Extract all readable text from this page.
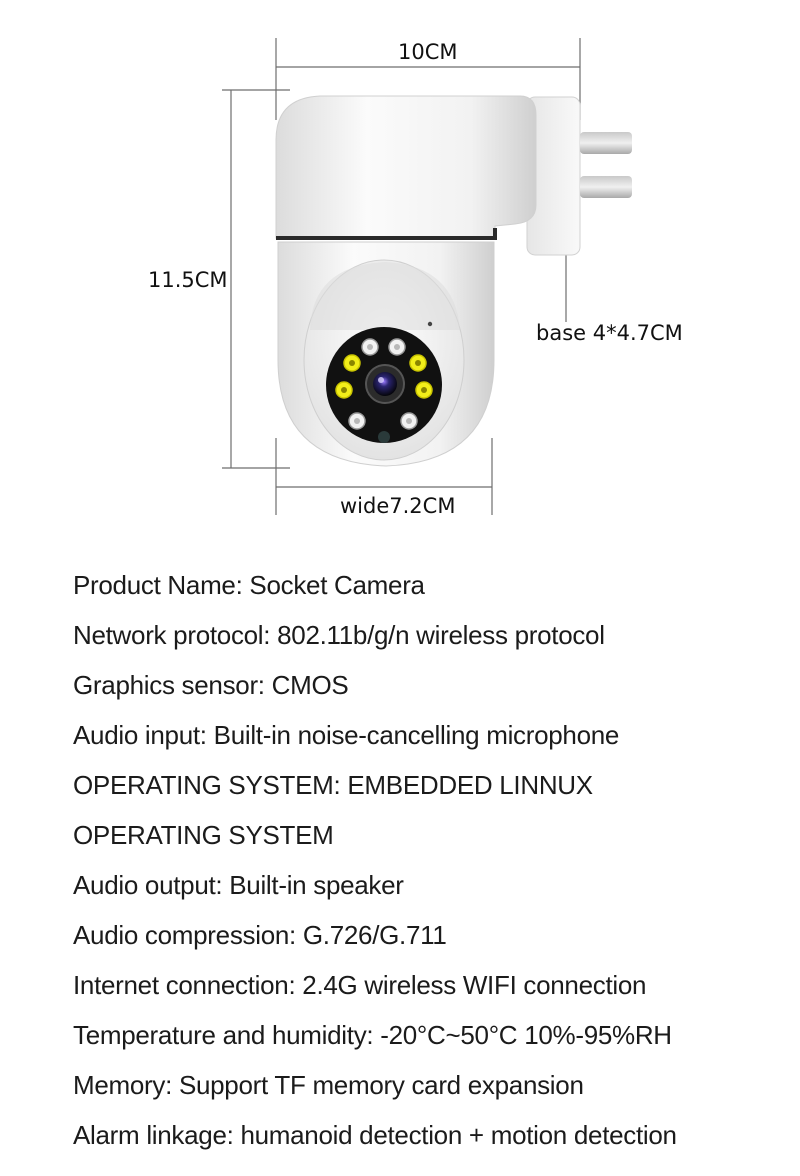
10CM
11.5CM
base 4*4.7CM
wide7.2CM
Product Name: Socket Camera
Network protocol: 802.11b/g/n wireless protocol
Graphics sensor: CMOS
Audio input: Built-in noise-cancelling microphone
OPERATING SYSTEM: EMBEDDED LINNUX
OPERATING SYSTEM
Audio output: Built-in speaker
Audio compression: G.726/G.711
Internet connection: 2.4G wireless WIFI connection
Temperature and humidity: -20°C~50°C 10%-95%RH
Memory: Support TF memory card expansion
Alarm linkage: humanoid detection + motion detection
